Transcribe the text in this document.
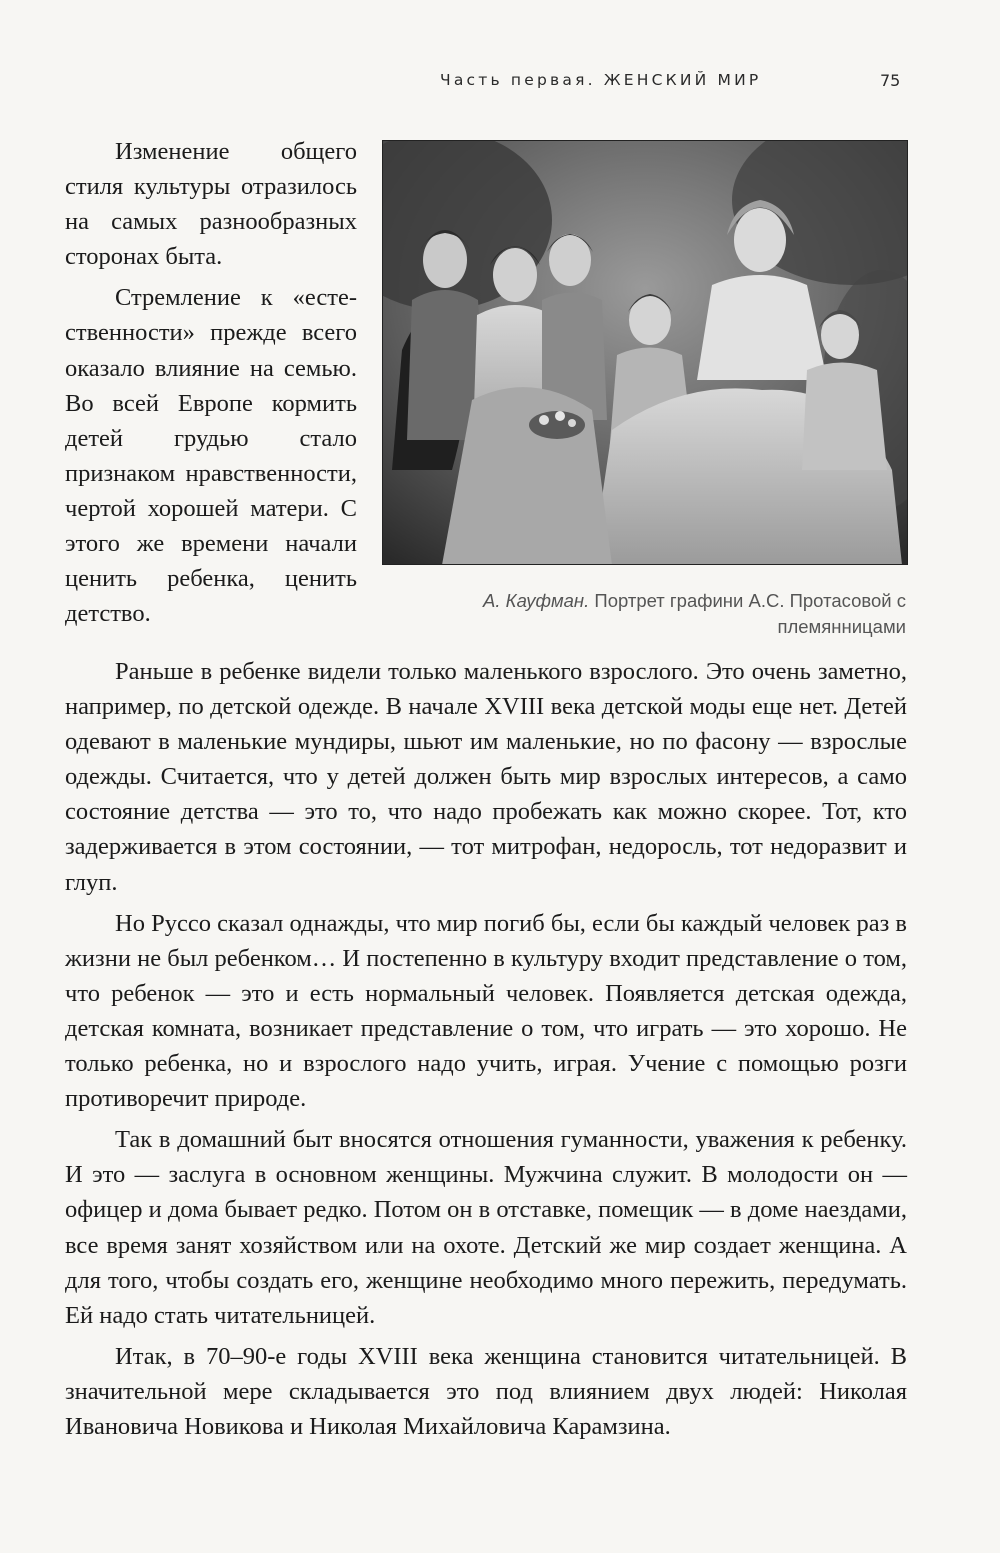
Часть первая. ЖЕНСКИЙ МИР	75
А. Кауфман. Портрет графини А.С. Протасовой с племянницами

Изменение общего стиля культуры отразилось на самых разнообразных сторонах быта.

Стремление к «естественности» прежде всего оказало влияние на семью. Во всей Европе кормить детей грудью стало признаком нравственности, чертой хорошей матери. С этого же времени начали ценить ребенка, ценить детство.

Раньше в ребенке видели только маленького взрослого. Это очень заметно, например, по детской одежде. В начале XVIII века детской моды еще нет. Детей одевают в маленькие мундиры, шьют им маленькие, но по фасону — взрослые одежды. Считается, что у детей должен быть мир взрослых интересов, а само состояние детства — это то, что надо пробежать как можно скорее. Тот, кто задерживается в этом состоянии, — тот митрофан, недоросль, тот недоразвит и глуп.

Но Руссо сказал однажды, что мир погиб бы, если бы каждый человек раз в жизни не был ребенком… И постепенно в культуру входит представление о том, что ребенок — это и есть нормальный человек. Появляется детская одежда, детская комната, возникает представление о том, что играть — это хорошо. Не только ребенка, но и взрослого надо учить, играя. Учение с помощью розги противоречит природе.

Так в домашний быт вносятся отношения гуманности, уважения к ребенку. И это — заслуга в основном женщины. Мужчина служит. В молодости он — офицер и дома бывает редко. Потом он в отставке, помещик — в доме наездами, все время занят хозяйством или на охоте. Детский же мир создает женщина. А для того, чтобы создать его, женщине необходимо много пережить, передумать. Ей надо стать читательницей.

Итак, в 70–90-е годы XVIII века женщина становится читательницей. В значительной мере складывается это под влиянием двух людей: Николая Ивановича Новикова и Николая Михайловича Карамзина.
